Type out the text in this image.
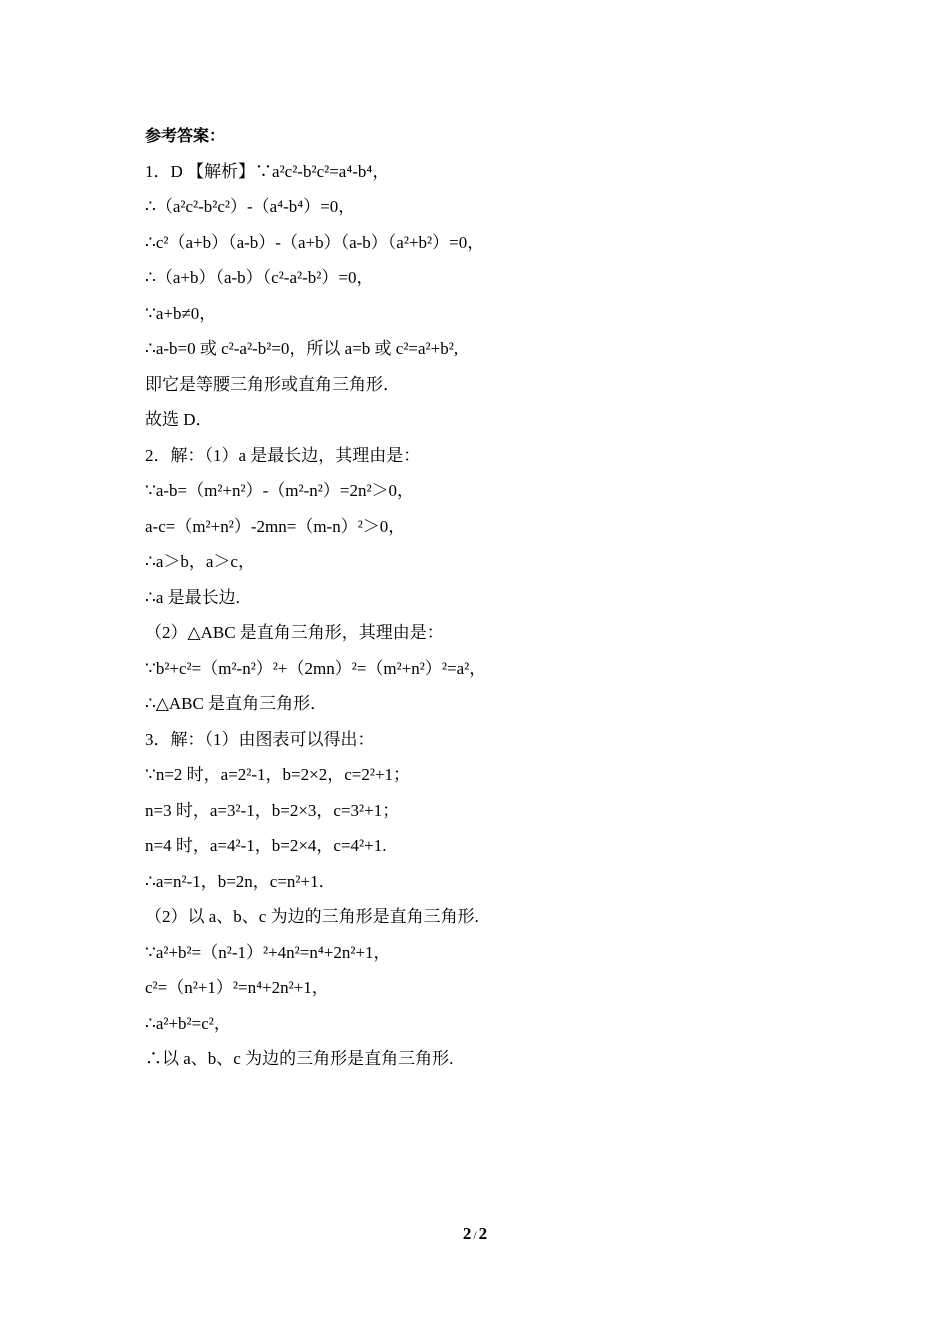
参考答案：
1．D 【解析】∵a²c²-b²c²=a⁴-b⁴，
∴（a²c²-b²c²）-（a⁴-b⁴）=0，
∴c²（a+b）（a-b）-（a+b）（a-b）（a²+b²）=0，
∴（a+b）（a-b）（c²-a²-b²）=0，
∵a+b≠0，
∴a-b=0 或 c²-a²-b²=0，所以 a=b 或 c²=a²+b²,
即它是等腰三角形或直角三角形．
故选 D．
2．解：（1）a 是最长边，其理由是：
∵a-b=（m²+n²）-（m²-n²）=2n²＞0，
a-c=（m²+n²）-2mn=（m-n）²＞0，
∴a＞b，a＞c，
∴a 是最长边.
（2）△ABC 是直角三角形，其理由是：
∵b²+c²=（m²-n²）²+（2mn）²=（m²+n²）²=a²，
∴△ABC 是直角三角形．
3．解：（1）由图表可以得出：
∵n=2 时，a=2²-1，b=2×2，c=2²+1；
n=3 时，a=3²-1，b=2×3，c=3²+1；
n=4 时，a=4²-1，b=2×4，c=4²+1.
∴a=n²-1，b=2n，c=n²+1．
（2）以 a、b、c 为边的三角形是直角三角形.
∵a²+b²=（n²-1）²+4n²=n⁴+2n²+1，
c²=（n²+1）²=n⁴+2n²+1，
∴a²+b²=c²，
∴以 a、b、c 为边的三角形是直角三角形.
2 / 2
